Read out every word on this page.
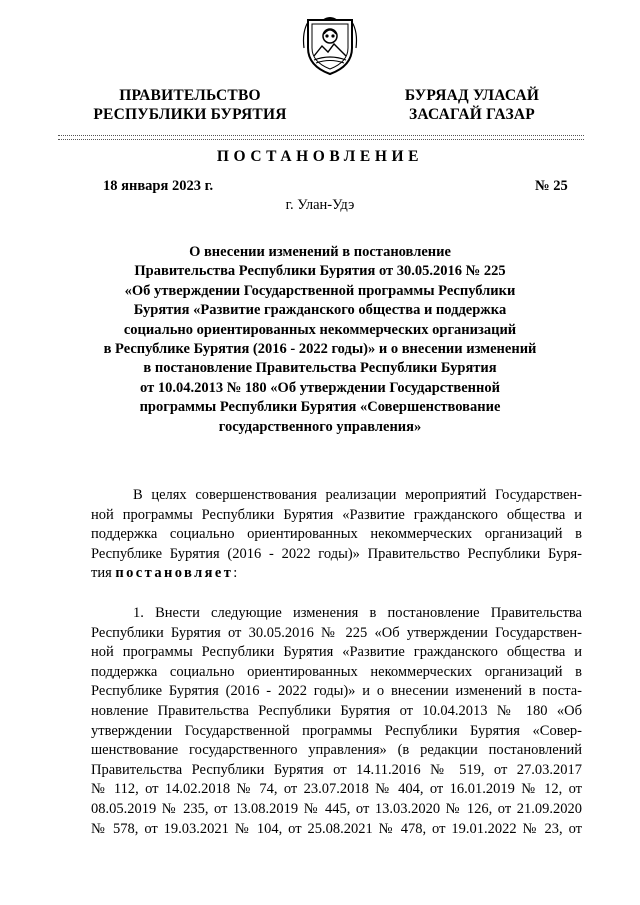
ПРАВИТЕЛЬСТВО
РЕСПУБЛИКИ БУРЯТИЯ
БУРЯАД УЛАСАЙ
ЗАСАГАЙ ГАЗАР
ПОСТАНОВЛЕНИЕ
18 января 2023 г.	№ 25
г. Улан-Удэ
О внесении изменений в постановление
Правительства Республики Бурятия от 30.05.2016 № 225
«Об утверждении Государственной программы Республики
Бурятия «Развитие гражданского общества и поддержка
социально ориентированных некоммерческих организаций
в Республике Бурятия (2016 - 2022 годы)» и о внесении изменений
в постановление Правительства Республики Бурятия
от 10.04.2013 № 180 «Об утверждении Государственной
программы Республики Бурятия «Совершенствование
государственного управления»
В целях совершенствования реализации мероприятий Государствен-
ной программы Республики Бурятия «Развитие гражданского общества и
поддержка социально ориентированных некоммерческих организаций в
Республике Бурятия (2016 - 2022 годы)» Правительство Республики Буря-
тия постановляет:
1. Внести следующие изменения в постановление Правительства
Республики Бурятия от 30.05.2016 № 225 «Об утверждении Государствен-
ной программы Республики Бурятия «Развитие гражданского общества и
поддержка социально ориентированных некоммерческих организаций в
Республике Бурятия (2016 - 2022 годы)» и о внесении изменений в поста-
новление Правительства Республики Бурятия от 10.04.2013 № 180 «Об
утверждении Государственной программы Республики Бурятия «Совер-
шенствование государственного управления» (в редакции постановлений
Правительства Республики Бурятия от 14.11.2016 № 519, от 27.03.2017
№ 112, от 14.02.2018 № 74, от 23.07.2018 № 404, от 16.01.2019 № 12, от
08.05.2019 № 235, от 13.08.2019 № 445, от 13.03.2020 № 126, от 21.09.2020
№ 578, от 19.03.2021 № 104, от 25.08.2021 № 478, от 19.01.2022 № 23, от
